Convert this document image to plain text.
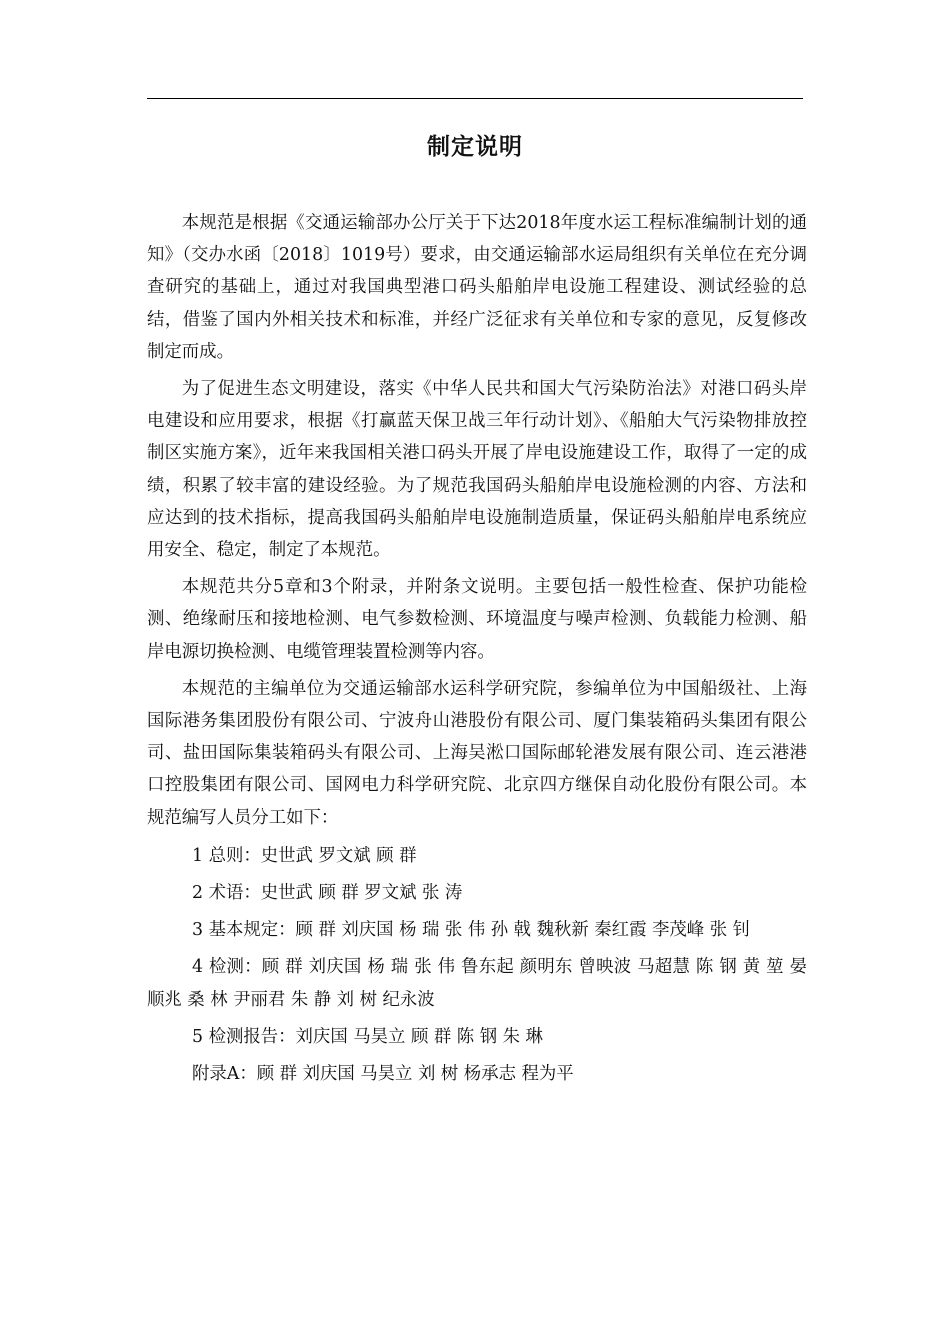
制定说明

本规范是根据《交通运输部办公厅关于下达2018年度水运工程标准编制计划的通知》（交办水函〔2018〕1019号）要求，由交通运输部水运局组织有关单位在充分调查研究的基础上，通过对我国典型港口码头船舶岸电设施工程建设、测试经验的总结，借鉴了国内外相关技术和标准，并经广泛征求有关单位和专家的意见，反复修改制定而成。

为了促进生态文明建设，落实《中华人民共和国大气污染防治法》对港口码头岸电建设和应用要求，根据《打赢蓝天保卫战三年行动计划》、《船舶大气污染物排放控制区实施方案》，近年来我国相关港口码头开展了岸电设施建设工作，取得了一定的成绩，积累了较丰富的建设经验。为了规范我国码头船舶岸电设施检测的内容、方法和应达到的技术指标，提高我国码头船舶岸电设施制造质量，保证码头船舶岸电系统应用安全、稳定，制定了本规范。

本规范共分5章和3个附录，并附条文说明。主要包括一般性检查、保护功能检测、绝缘耐压和接地检测、电气参数检测、环境温度与噪声检测、负载能力检测、船岸电源切换检测、电缆管理装置检测等内容。

本规范的主编单位为交通运输部水运科学研究院，参编单位为中国船级社、上海国际港务集团股份有限公司、宁波舟山港股份有限公司、厦门集装箱码头集团有限公司、盐田国际集装箱码头有限公司、上海吴淞口国际邮轮港发展有限公司、连云港港口控股集团有限公司、国网电力科学研究院、北京四方继保自动化股份有限公司。本规范编写人员分工如下：

1 总则：史世武 罗文斌 顾 群

2 术语：史世武 顾 群 罗文斌 张 涛

3 基本规定：顾 群 刘庆国 杨 瑞 张 伟 孙 戟 魏秋新 秦红霞 李茂峰 张 钊

4 检测：顾 群 刘庆国 杨 瑞 张 伟 鲁东起 颜明东 曾映波 马超慧 陈 钢 黄 堃 晏顺兆 桑 林 尹丽君 朱 静 刘 树 纪永波

5 检测报告：刘庆国 马昊立 顾 群 陈 钢 朱 琳

附录A：顾 群 刘庆国 马昊立 刘 树 杨承志 程为平
